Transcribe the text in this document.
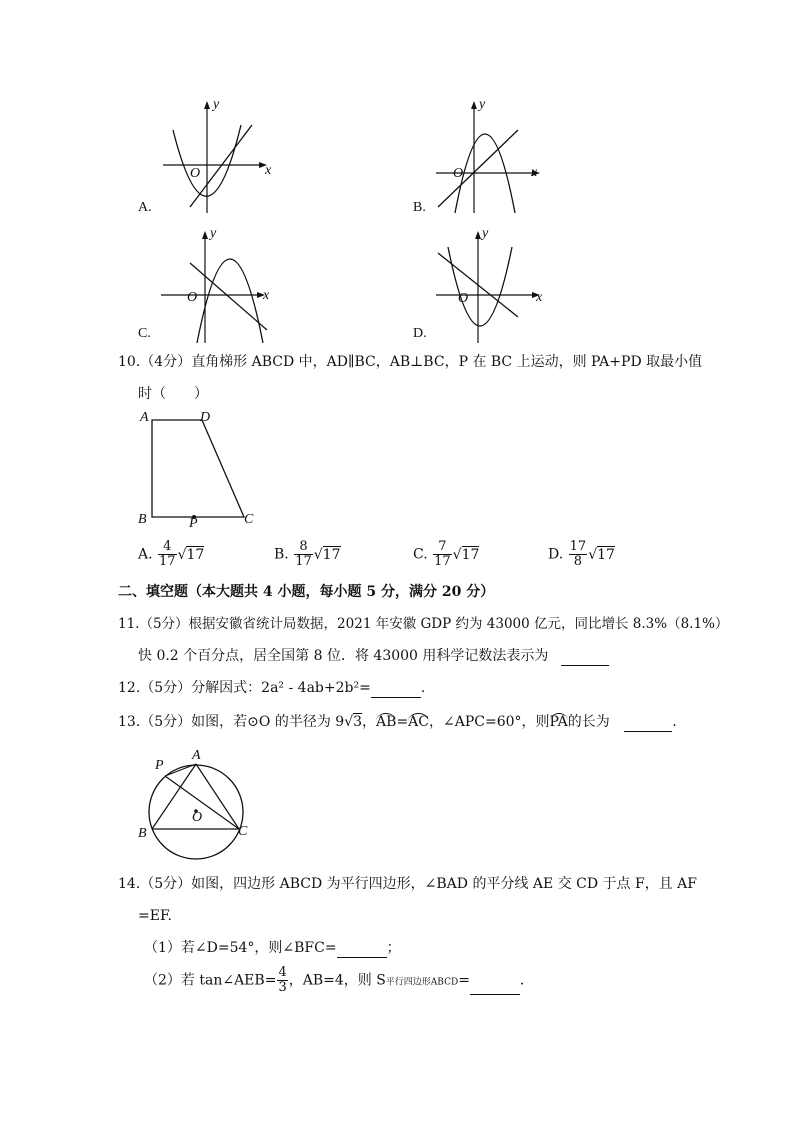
y
x
O
A.
y
x
O
B.
y
x
O
C.
y
x
O
D.
10.（4分）直角梯形 ABCD 中，AD∥BC，AB⊥BC，P 在 BC 上运动，则 PA+PD 取最小值
时（　　）
A	D
B	P	C
A. $\frac{4}{17} √17$	B. $\frac{8}{17} √17$	C. $\frac{7}{17} √17$	D. $\frac{17}{8} √17$
二、填空题（本大题共 4 小题，每小题 5 分，满分 20 分）
11.（5分）根据安徽省统计局数据，2021 年安徽 GDP 约为 43000 亿元，同比增长 8.3%（8.1%）
快 0.2 个百分点，居全国第 8 位．将 43000 用科学记数法表示为
12.（5分）分解因式：2a² - 4ab+2b²=	.
13.（5分）如图，若⊙O 的半径为 9√3，AB=AC，∠APC=60°，则PA的长为	.
P
A
O
B	C
14.（5分）如图，四边形 ABCD 为平行四边形，∠BAD 的平分线 AE 交 CD 于点 F，且 AF
=EF.
（1）若∠D=54°，则∠BFC=	；
（2）若 tan∠AEB= $\frac{4}{3}$ ，AB=4，则 S平行四边形ABCD=	.
